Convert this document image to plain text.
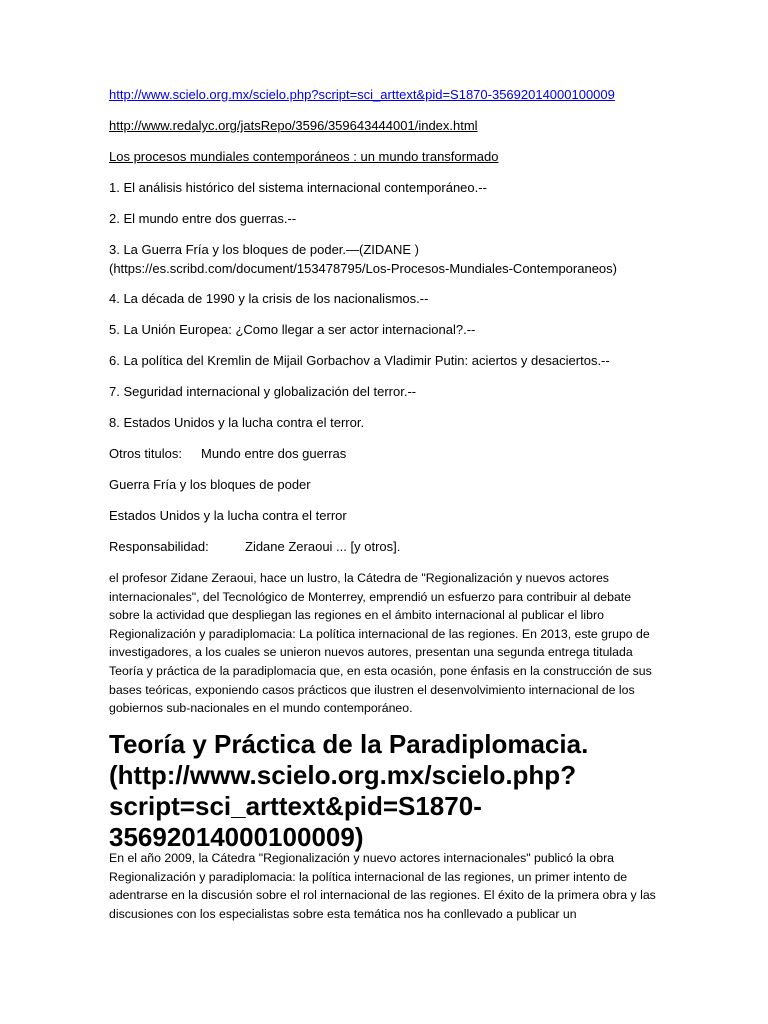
http://www.scielo.org.mx/scielo.php?script=sci_arttext&pid=S1870-35692014000100009
http://www.redalyc.org/jatsRepo/3596/359643444001/index.html
Los procesos mundiales contemporáneos : un mundo transformado
1. El análisis histórico del sistema internacional contemporáneo.--
2. El mundo entre dos guerras.--
3. La Guerra Fría y los bloques de poder.—(ZIDANE )
(https://es.scribd.com/document/153478795/Los-Procesos-Mundiales-Contemporaneos)
4. La década de 1990 y la crisis de los nacionalismos.--
5. La Unión Europea: ¿Como llegar a ser actor internacional?.--
6. La política del Kremlin de Mijail Gorbachov a Vladimir Putin: aciertos y desaciertos.--
7. Seguridad internacional y globalización del terror.--
8. Estados Unidos y la lucha contra el terror.
Otros titulos: Mundo entre dos guerras
Guerra Fría y los bloques de poder
Estados Unidos y la lucha contra el terror
Responsabilidad:	Zidane Zeraoui ... [y otros].
el profesor Zidane Zeraoui, hace un lustro, la Cátedra de "Regionalización y nuevos actores internacionales", del Tecnológico de Monterrey, emprendió un esfuerzo para contribuir al debate sobre la actividad que despliegan las regiones en el ámbito internacional al publicar el libro Regionalización y paradiplomacia: La política internacional de las regiones. En 2013, este grupo de investigadores, a los cuales se unieron nuevos autores, presentan una segunda entrega titulada Teoría y práctica de la paradiplomacia que, en esta ocasión, pone énfasis en la construcción de sus bases teóricas, exponiendo casos prácticos que ilustren el desenvolvimiento internacional de los gobiernos sub-nacionales en el mundo contemporáneo.
Teoría y Práctica de la Paradiplomacia. (http://www.scielo.org.mx/scielo.php?script=sci_arttext&pid=S1870-35692014000100009)
En el año 2009, la Cátedra "Regionalización y nuevo actores internacionales" publicó la obra Regionalización y paradiplomacia: la política internacional de las regiones, un primer intento de adentrarse en la discusión sobre el rol internacional de las regiones. El éxito de la primera obra y las discusiones con los especialistas sobre esta temática nos ha conllevado a publicar un
